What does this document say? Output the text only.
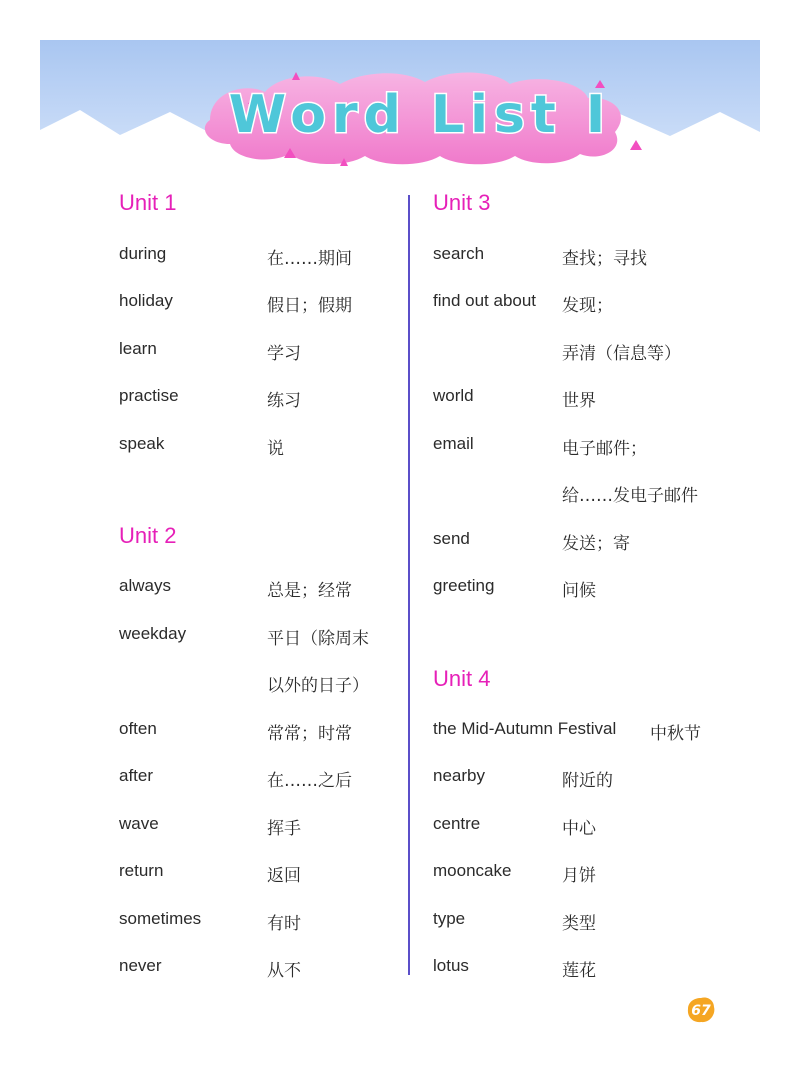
Word List I
Unit 1
during	在……期间
holiday	假日；假期
learn	学习
practise	练习
speak	说
Unit 2
always	总是；经常
weekday	平日（除周末
以外的日子）
often	常常；时常
after	在……之后
wave	挥手
return	返回
sometimes	有时
never	从不
Unit 3
search	查找；寻找
find out about 发现；
弄清（信息等）
world	世界
email	电子邮件；
给……发电子邮件
send	发送；寄
greeting	问候
Unit 4
the Mid-Autumn Festival 中秋节
nearby	附近的
centre	中心
mooncake	月饼
type	类型
lotus	莲花
67
